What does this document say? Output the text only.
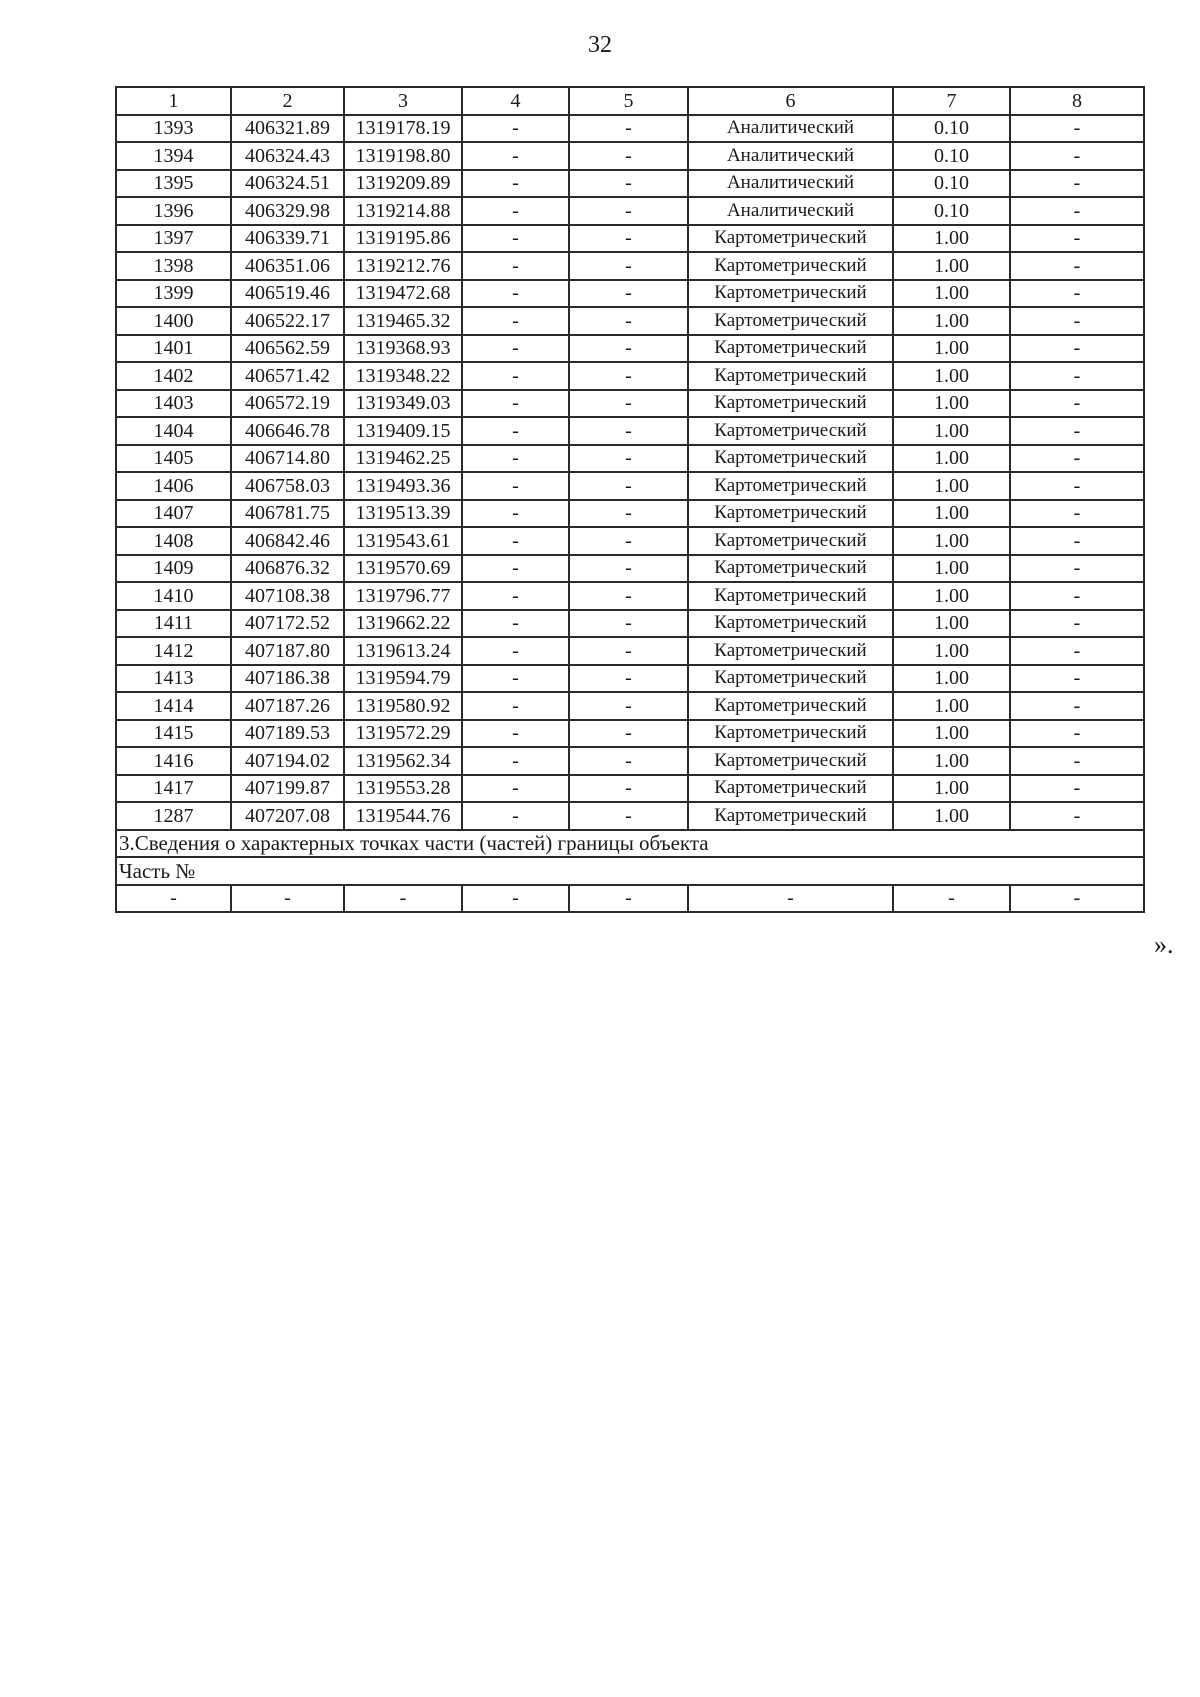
32
1	2	3	4	5	6	7	8
1393	406321.89	1319178.19	-	-	Аналитический	0.10	-
1394	406324.43	1319198.80	-	-	Аналитический	0.10	-
1395	406324.51	1319209.89	-	-	Аналитический	0.10	-
1396	406329.98	1319214.88	-	-	Аналитический	0.10	-
1397	406339.71	1319195.86	-	-	Картометрический	1.00	-
1398	406351.06	1319212.76	-	-	Картометрический	1.00	-
1399	406519.46	1319472.68	-	-	Картометрический	1.00	-
1400	406522.17	1319465.32	-	-	Картометрический	1.00	-
1401	406562.59	1319368.93	-	-	Картометрический	1.00	-
1402	406571.42	1319348.22	-	-	Картометрический	1.00	-
1403	406572.19	1319349.03	-	-	Картометрический	1.00	-
1404	406646.78	1319409.15	-	-	Картометрический	1.00	-
1405	406714.80	1319462.25	-	-	Картометрический	1.00	-
1406	406758.03	1319493.36	-	-	Картометрический	1.00	-
1407	406781.75	1319513.39	-	-	Картометрический	1.00	-
1408	406842.46	1319543.61	-	-	Картометрический	1.00	-
1409	406876.32	1319570.69	-	-	Картометрический	1.00	-
1410	407108.38	1319796.77	-	-	Картометрический	1.00	-
1411	407172.52	1319662.22	-	-	Картометрический	1.00	-
1412	407187.80	1319613.24	-	-	Картометрический	1.00	-
1413	407186.38	1319594.79	-	-	Картометрический	1.00	-
1414	407187.26	1319580.92	-	-	Картометрический	1.00	-
1415	407189.53	1319572.29	-	-	Картометрический	1.00	-
1416	407194.02	1319562.34	-	-	Картометрический	1.00	-
1417	407199.87	1319553.28	-	-	Картометрический	1.00	-
1287	407207.08	1319544.76	-	-	Картометрический	1.00	-
3.Сведения о характерных точках части (частей) границы объекта							
Часть №							
-	-	-	-	-	-	-	-
».
